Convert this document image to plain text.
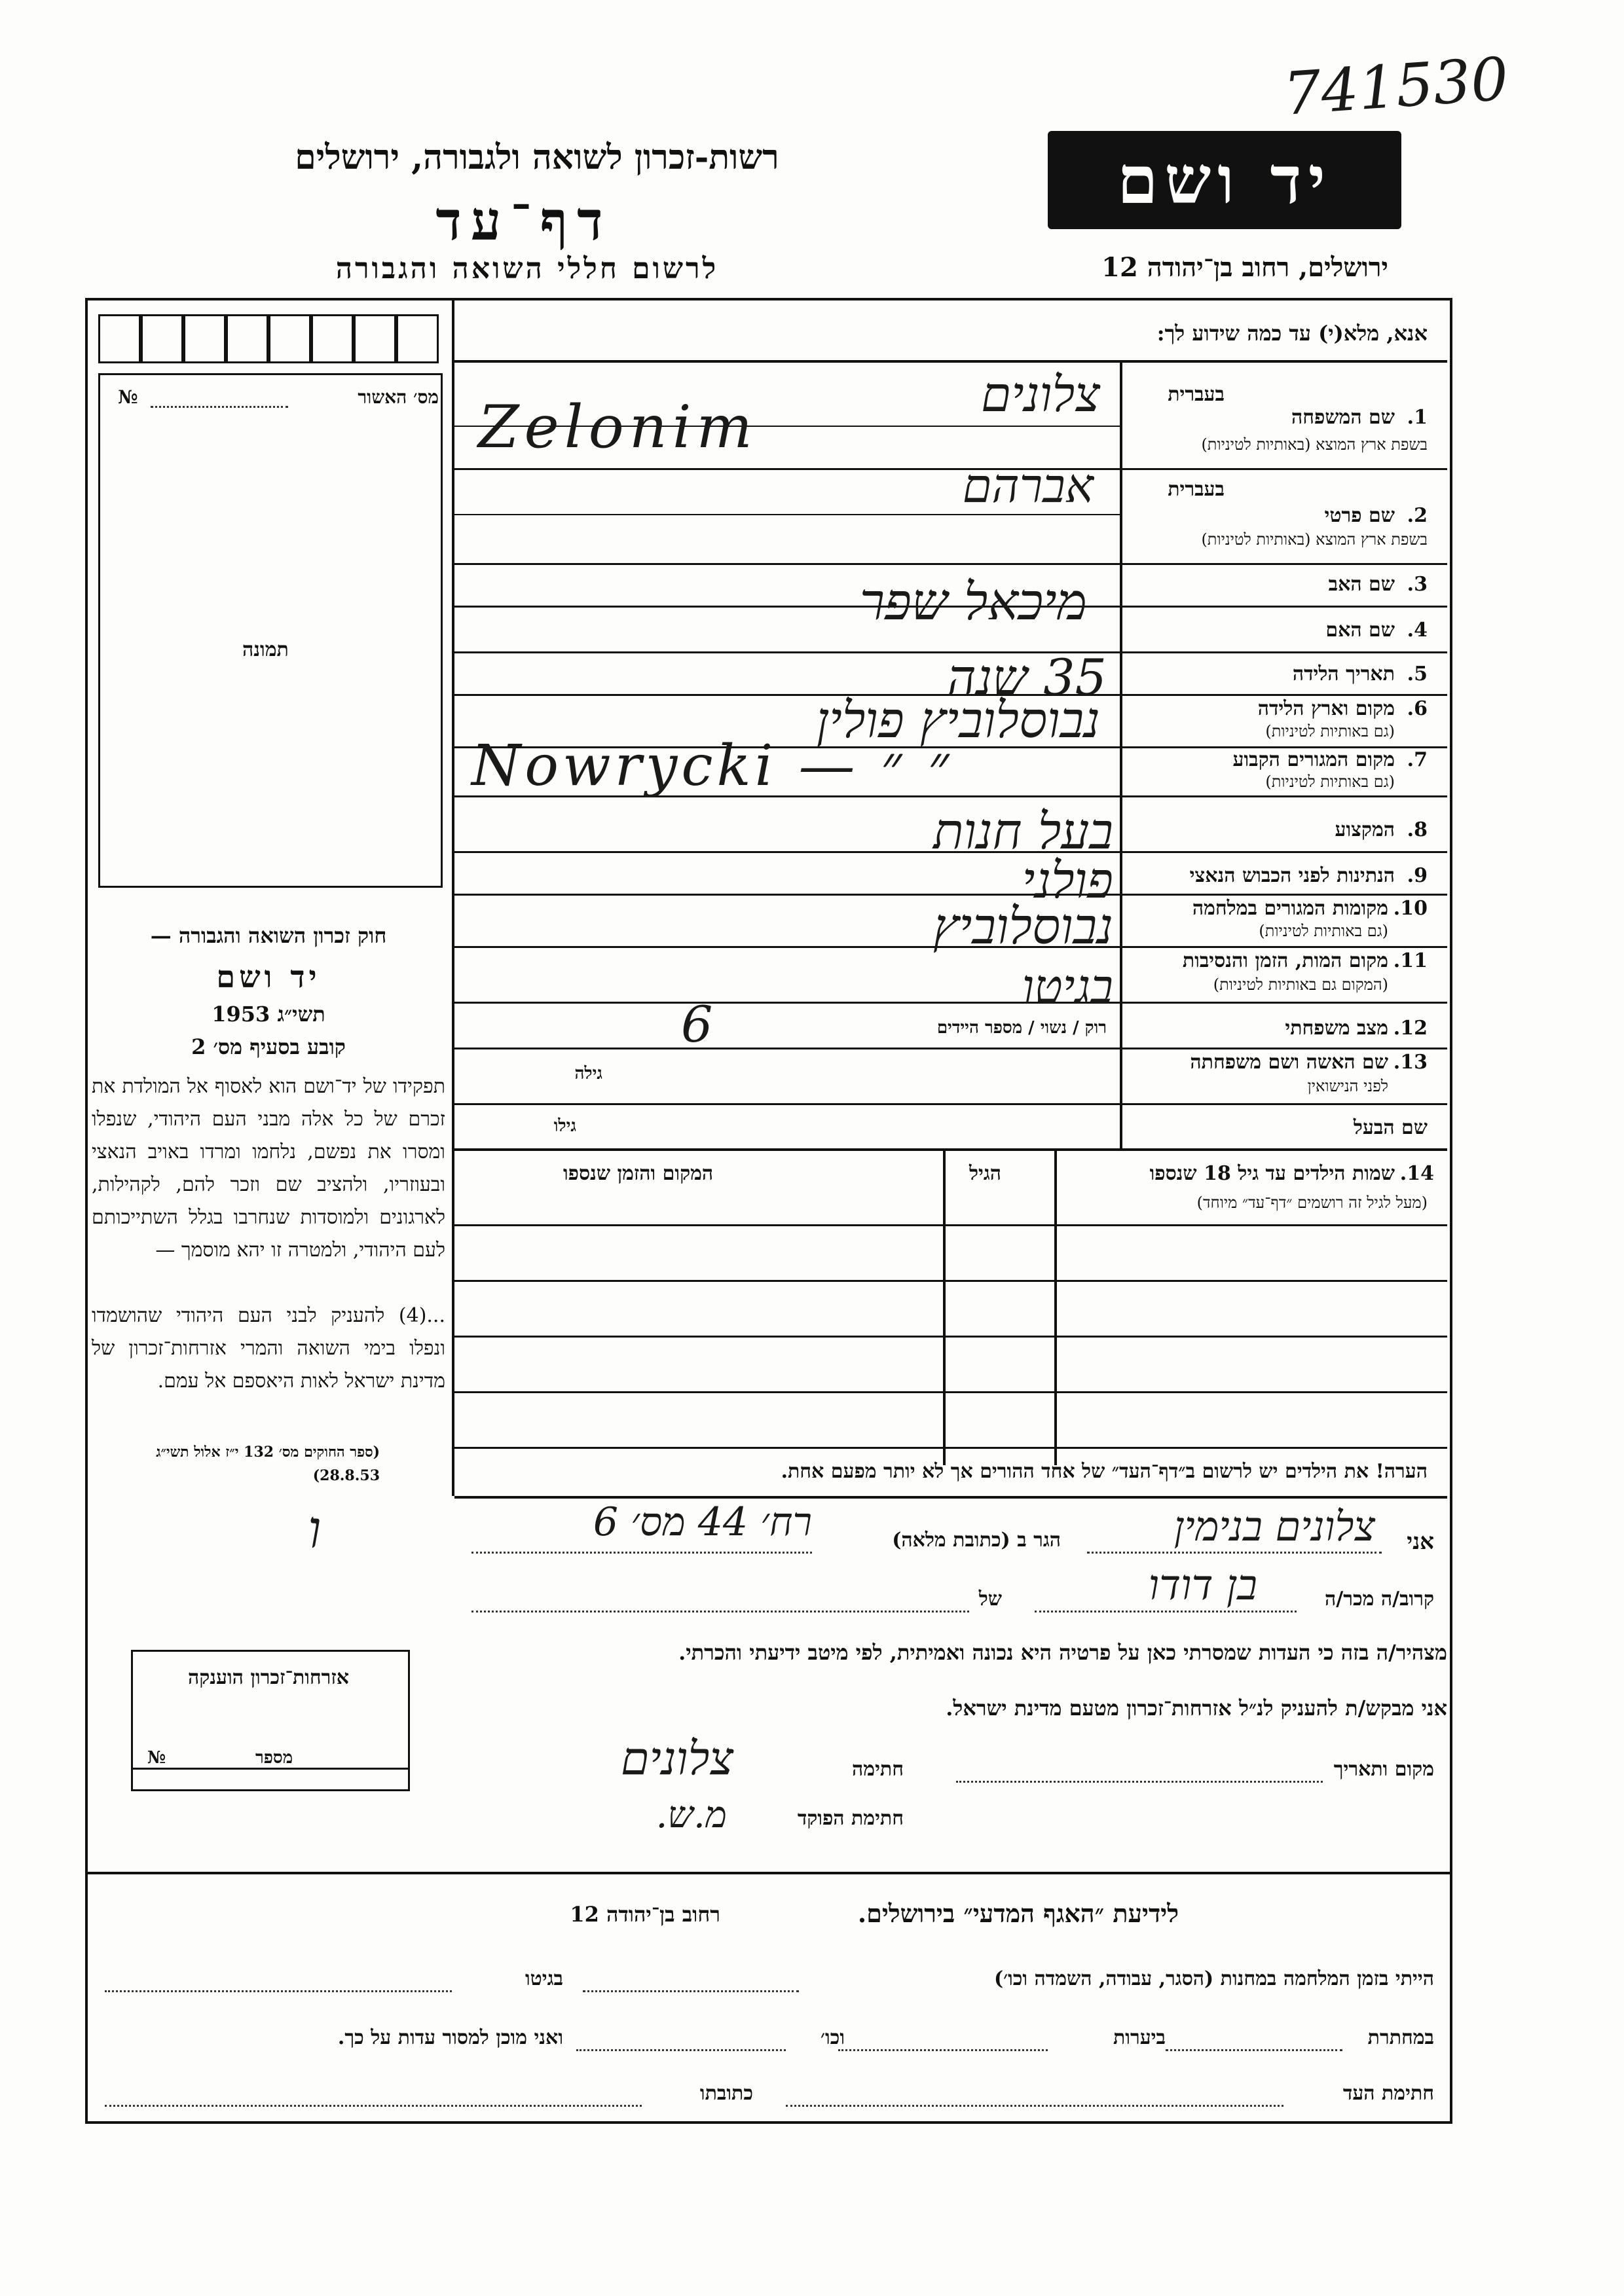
741530
רשות-זכרון לשואה ולגבורה, ירושלים
דף־עד
לרשום חללי השואה והגבורה
יד ושם
ירושלים, רחוב בן־יהודה 12
מס׳ האשור
№
תמונה
חוק זכרון השואה והגבורה —
יד ושם
תשי״ג 1953
קובע בסעיף מס׳ 2
תפקידו של יד־ושם הוא לאסוף אל המולדת את זכרם של כל אלה מבני העם היהודי, שנפלו ומסרו את נפשם, נלחמו ומרדו באויב הנאצי ובעוזריו, ולהציב שם וזכר להם, לקהילות, לארגונים ולמוסדות שנחרבו בגלל השתייכותם לעם היהודי, ולמטרה זו יהא מוסמך —
...(4) להעניק לבני העם היהודי שהושמדו ונפלו בימי השואה והמרי אזרחות־זכרון של מדינת ישראל לאות היאספם אל עמם.
(ספר החוקים מס׳ 132 י״ז אלול תשי״ג 28.8.53)
אזרחות־זכרון הוענקה
מספר
№
אנא, מלא(י) עד כמה שידוע לך:
בעברית
1.
שם המשפחה
בשפת ארץ המוצא (באותיות לטיניות)
בעברית
2.
שם פרטי
בשפת ארץ המוצא (באותיות לטיניות)
3.
שם האב
4.
שם האם
5.
תאריך הלידה
6.
מקום וארץ הלידה
(גם באותיות לטיניות)
7.
מקום המגורים הקבוע
(גם באותיות לטיניות)
8.
המקצוע
9.
הנתינות לפני הכבוש הנאצי
10.
מקומות המגורים במלחמה
(גם באותיות לטיניות)
11.
מקום המות, הזמן והנסיבות
(המקום גם באותיות לטיניות)
12.
מצב משפחתי
רוק / נשוי / מספר היידים
13.
שם האשה ושם משפחתה
לפני הנישואין
גילה
שם הבעל
גילו
צלונים
Zelonim
אברהם
מיכאל שפר
35 שנה
נבוסלוביץ פולין
Nowrycki — ״ ״
בעל חנות
פולני
נבוסלוביץ
בגיטו
6
14.
שמות הילדים עד גיל 18 שנספו
(מעל לגיל זה רושמים ״דף־עד״ מיוחד)
הגיל
המקום והזמן שנספו
הערה! את הילדים יש לרשום ב״דף־העד״ של אחד ההורים אך לא יותר מפעם אחת.
אני
צלונים בנימין
הגר ב (כתובת מלאה)
רח׳ 44 מס׳ 6
ו
קרוב/ה מכר/ה
של	בן דודו
מצהיר/ה בזה כי העדות שמסרתי כאן על פרטיה היא נכונה ואמיתית, לפי מיטב ידיעתי והכרתי.
אני מבקש/ת להעניק לנ״ל אזרחות־זכרון מטעם מדינת ישראל.
מקום ותאריך
חתימה
צלונים
חתימת הפוקד
מ.ש.
לידיעת ״האגף המדעי״ בירושלים.
רחוב בן־יהודה 12
הייתי בזמן המלחמה במחנות (הסגר, עבודה, השמדה וכו׳)
בגיטו
במחתרת
ביערות
וכו׳
ואני מוכן למסור עדות על כך.
חתימת העד
כתובתו
